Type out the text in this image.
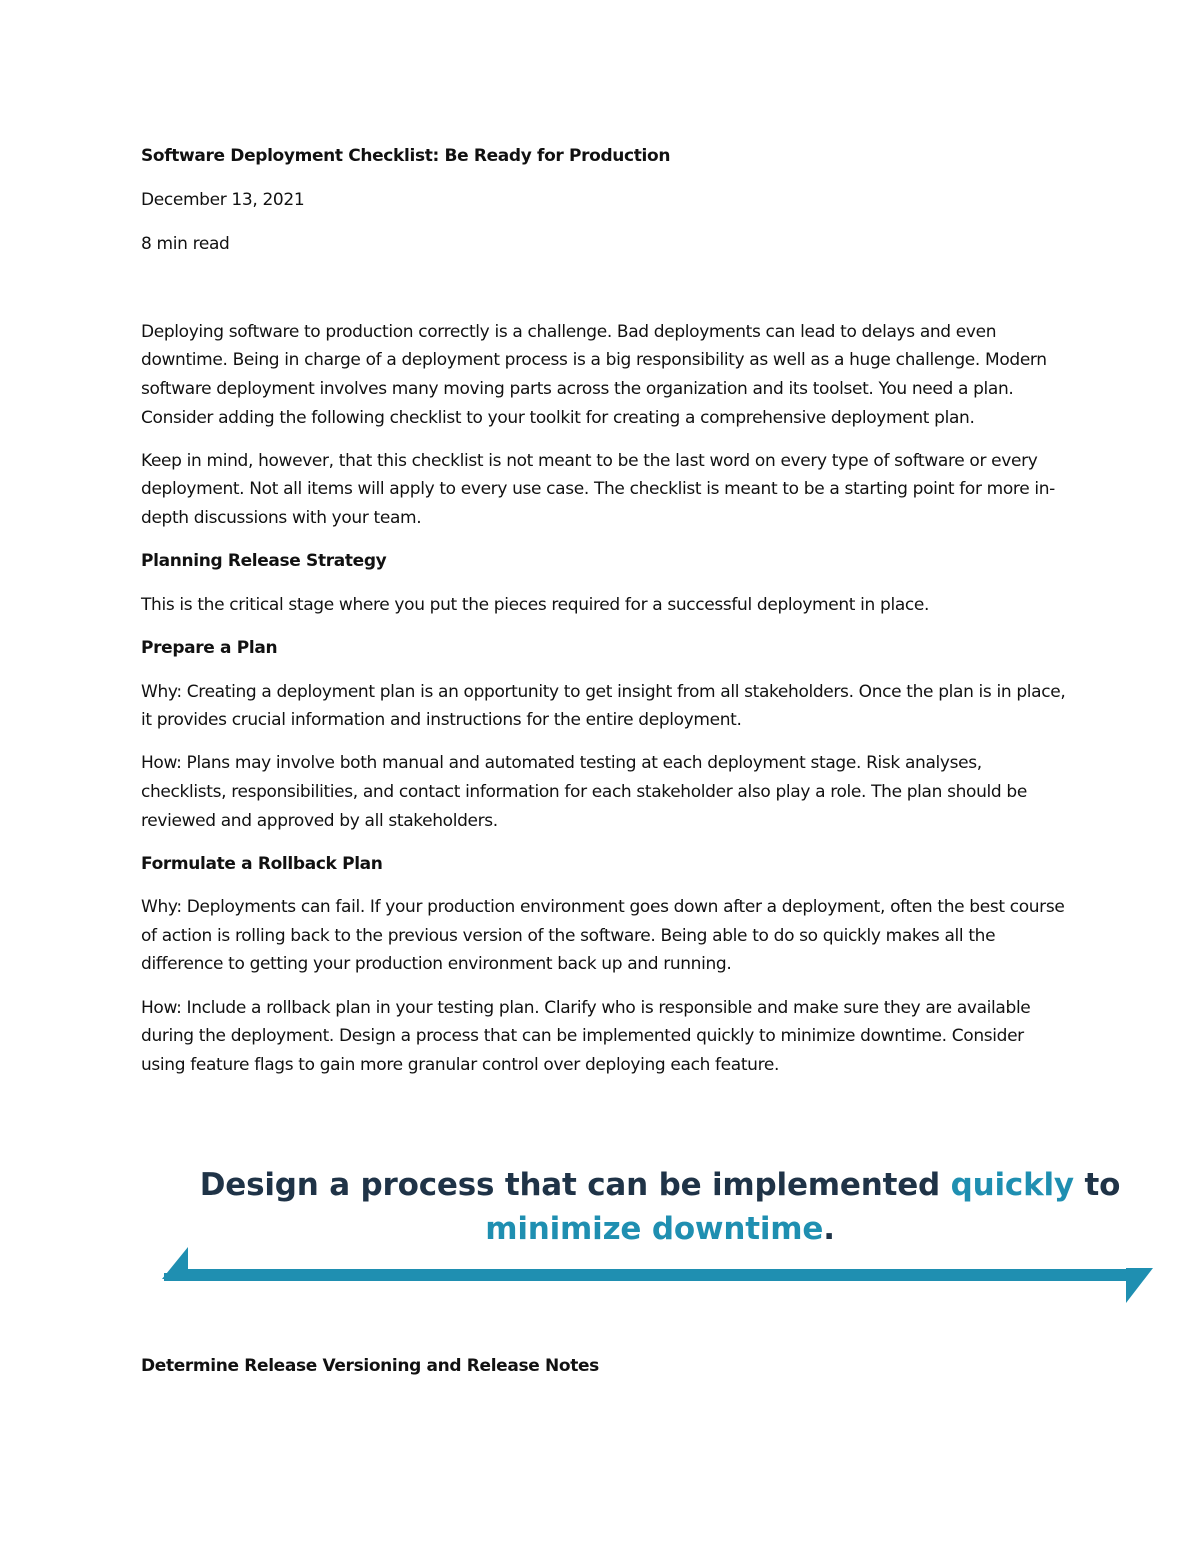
Software Deployment Checklist: Be Ready for Production

December 13, 2021

8 min read

Deploying software to production correctly is a challenge. Bad deployments can lead to delays and even downtime. Being in charge of a deployment process is a big responsibility as well as a huge challenge. Modern software deployment involves many moving parts across the organization and its toolset. You need a plan. Consider adding the following checklist to your toolkit for creating a comprehensive deployment plan.

Keep in mind, however, that this checklist is not meant to be the last word on every type of software or every deployment. Not all items will apply to every use case. The checklist is meant to be a starting point for more in-depth discussions with your team.

Planning Release Strategy

This is the critical stage where you put the pieces required for a successful deployment in place.

Prepare a Plan

Why: Creating a deployment plan is an opportunity to get insight from all stakeholders. Once the plan is in place, it provides crucial information and instructions for the entire deployment.

How: Plans may involve both manual and automated testing at each deployment stage. Risk analyses, checklists, responsibilities, and contact information for each stakeholder also play a role. The plan should be reviewed and approved by all stakeholders.

Formulate a Rollback Plan

Why: Deployments can fail. If your production environment goes down after a deployment, often the best course of action is rolling back to the previous version of the software. Being able to do so quickly makes all the difference to getting your production environment back up and running.

How: Include a rollback plan in your testing plan. Clarify who is responsible and make sure they are available during the deployment. Design a process that can be implemented quickly to minimize downtime. Consider using feature flags to gain more granular control over deploying each feature.

Design a process that can be implemented quickly to
minimize downtime.

Determine Release Versioning and Release Notes
